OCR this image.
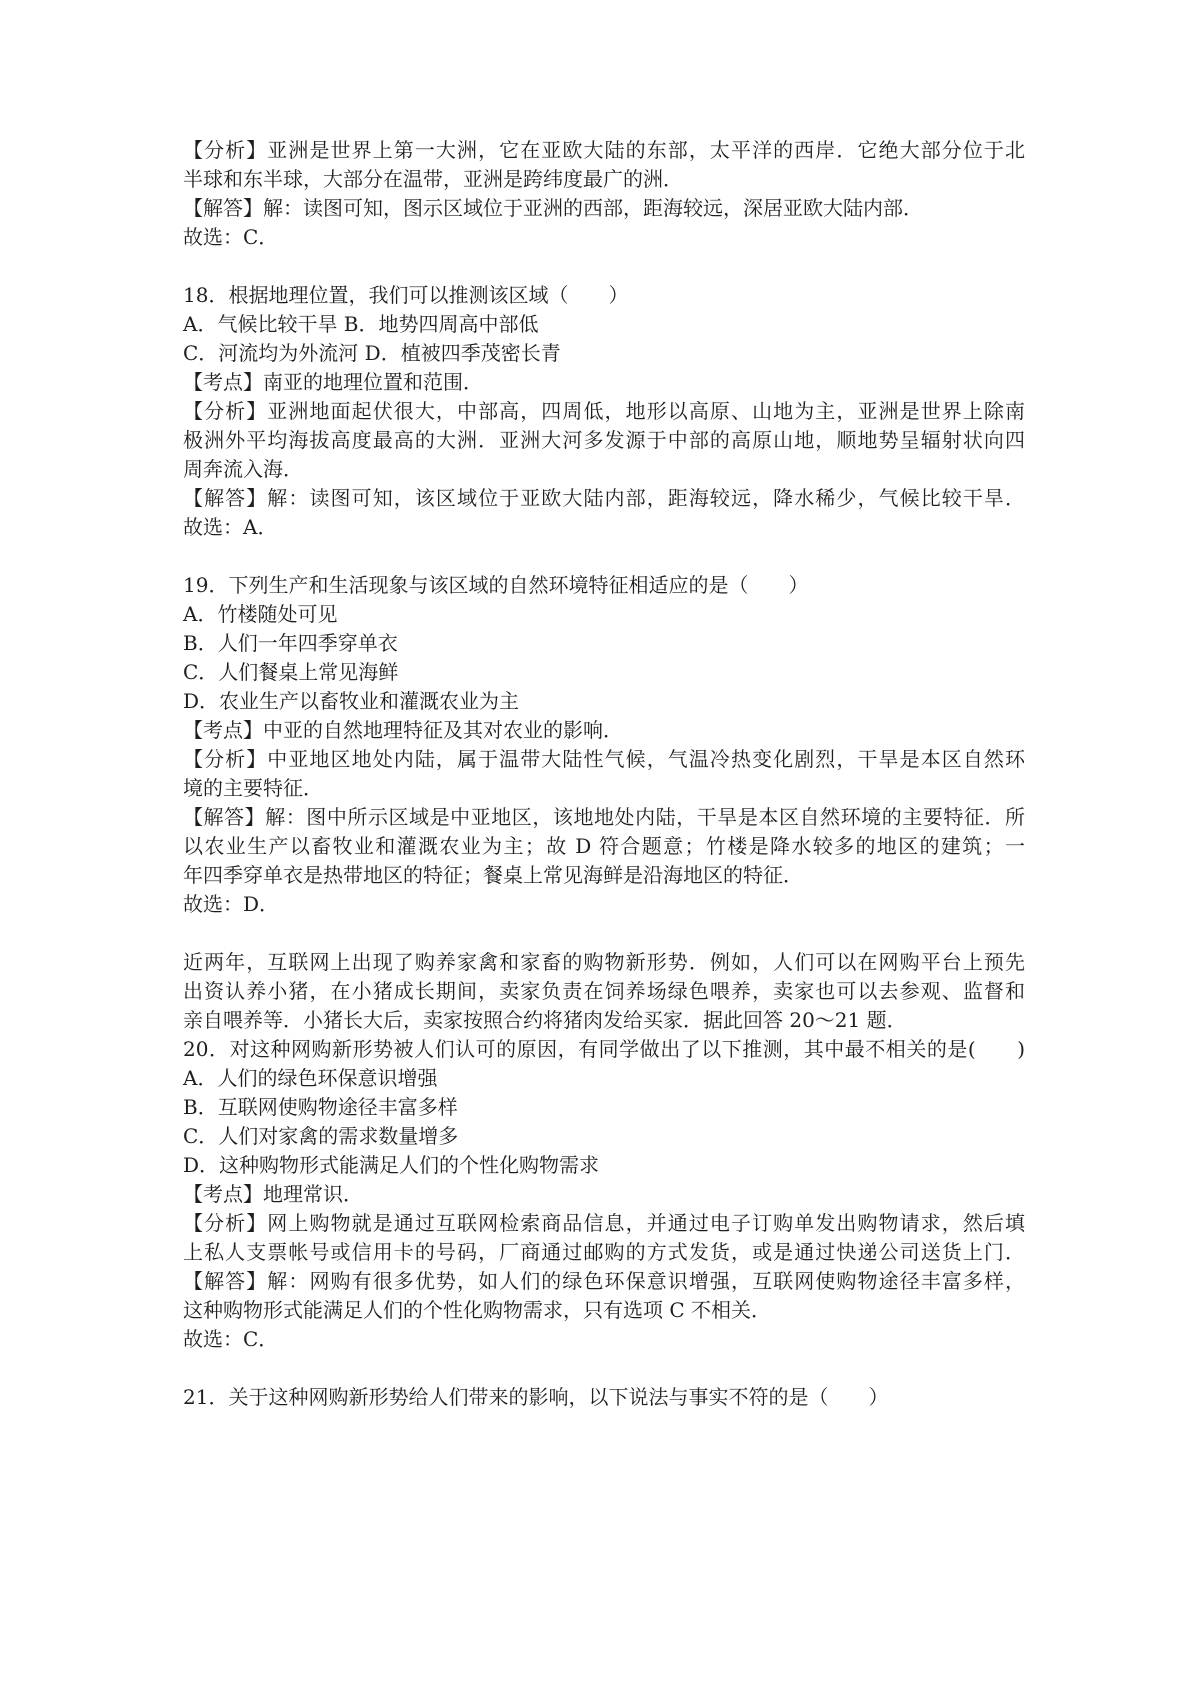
【分析】亚洲是世界上第一大洲，它在亚欧大陆的东部，太平洋的西岸．它绝大部分位于北
半球和东半球，大部分在温带，亚洲是跨纬度最广的洲．
【解答】解：读图可知，图示区域位于亚洲的西部，距海较远，深居亚欧大陆内部．
故选：C．
18．根据地理位置，我们可以推测该区域（　　）
A．气候比较干旱 B．地势四周高中部低
C．河流均为外流河 D．植被四季茂密长青
【考点】南亚的地理位置和范围．
【分析】亚洲地面起伏很大，中部高，四周低，地形以高原、山地为主，亚洲是世界上除南
极洲外平均海拔高度最高的大洲．亚洲大河多发源于中部的高原山地，顺地势呈辐射状向四
周奔流入海．
【解答】解：读图可知，该区域位于亚欧大陆内部，距海较远，降水稀少，气候比较干旱．
故选：A．
19．下列生产和生活现象与该区域的自然环境特征相适应的是（　　）
A．竹楼随处可见
B．人们一年四季穿单衣
C．人们餐桌上常见海鲜
D．农业生产以畜牧业和灌溉农业为主
【考点】中亚的自然地理特征及其对农业的影响．
【分析】中亚地区地处内陆，属于温带大陆性气候，气温冷热变化剧烈，干旱是本区自然环
境的主要特征．
【解答】解：图中所示区域是中亚地区，该地地处内陆，干旱是本区自然环境的主要特征．所
以农业生产以畜牧业和灌溉农业为主；故 D 符合题意；竹楼是降水较多的地区的建筑；一
年四季穿单衣是热带地区的特征；餐桌上常见海鲜是沿海地区的特征．
故选：D．
近两年，互联网上出现了购养家禽和家畜的购物新形势．例如，人们可以在网购平台上预先
出资认养小猪，在小猪成长期间，卖家负责在饲养场绿色喂养，卖家也可以去参观、监督和
亲自喂养等．小猪长大后，卖家按照合约将猪肉发给买家．据此回答 20～21 题．
20．对这种网购新形势被人们认可的原因，有同学做出了以下推测，其中最不相关的是(　　)
A．人们的绿色环保意识增强
B．互联网使购物途径丰富多样
C．人们对家禽的需求数量增多
D．这种购物形式能满足人们的个性化购物需求
【考点】地理常识．
【分析】网上购物就是通过互联网检索商品信息，并通过电子订购单发出购物请求，然后填
上私人支票帐号或信用卡的号码，厂商通过邮购的方式发货，或是通过快递公司送货上门．
【解答】解：网购有很多优势，如人们的绿色环保意识增强，互联网使购物途径丰富多样，
这种购物形式能满足人们的个性化购物需求，只有选项 C 不相关．
故选：C．
21．关于这种网购新形势给人们带来的影响，以下说法与事实不符的是（　　）
